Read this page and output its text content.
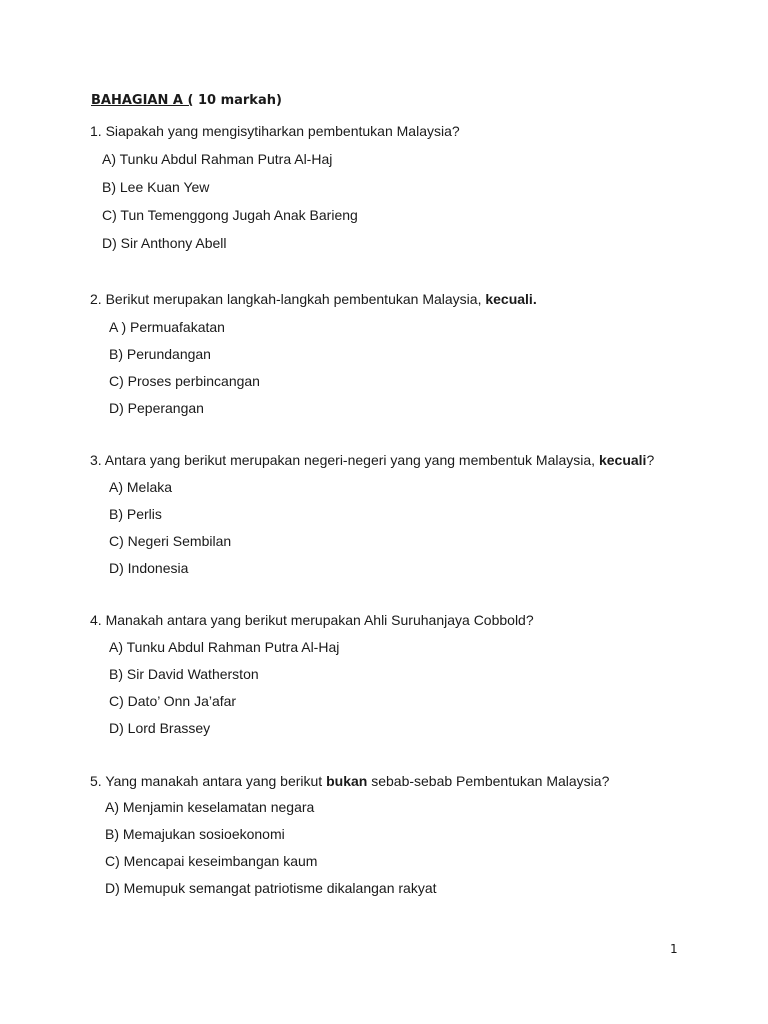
BAHAGIAN A ( 10 markah)
1. Siapakah yang mengisytiharkan pembentukan Malaysia?
A) Tunku Abdul Rahman Putra Al-Haj
B) Lee Kuan Yew
C) Tun Temenggong Jugah Anak Barieng
D) Sir Anthony Abell
2. Berikut merupakan langkah-langkah pembentukan Malaysia, kecuali.
A ) Permuafakatan
B) Perundangan
C) Proses perbincangan
D) Peperangan
3. Antara yang berikut merupakan negeri-negeri yang yang membentuk Malaysia, kecuali?
A) Melaka
B) Perlis
C) Negeri Sembilan
D) Indonesia
4. Manakah antara yang berikut merupakan Ahli Suruhanjaya Cobbold?
A) Tunku Abdul Rahman Putra Al-Haj
B) Sir David Watherston
C) Dato’ Onn Ja’afar
D) Lord Brassey
5. Yang manakah antara yang berikut bukan sebab-sebab Pembentukan Malaysia?
A) Menjamin keselamatan negara
B) Memajukan sosioekonomi
C) Mencapai keseimbangan kaum
D) Memupuk semangat patriotisme dikalangan rakyat
1
